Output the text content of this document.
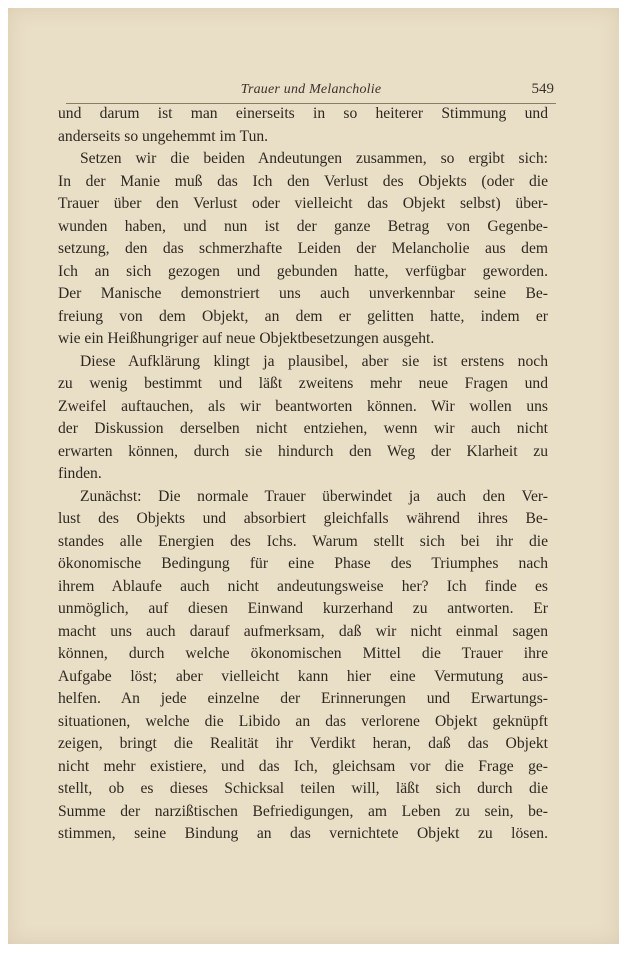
Trauer und Melancholie	549
und darum ist man einerseits in so heiterer Stimmung und
anderseits so ungehemmt im Tun.
Setzen wir die beiden Andeutungen zusammen, so ergibt sich:
In der Manie muß das Ich den Verlust des Objekts (oder die
Trauer über den Verlust oder vielleicht das Objekt selbst) über-
wunden haben, und nun ist der ganze Betrag von Gegenbe-
setzung, den das schmerzhafte Leiden der Melancholie aus dem
Ich an sich gezogen und gebunden hatte, verfügbar geworden.
Der Manische demonstriert uns auch unverkennbar seine Be-
freiung von dem Objekt, an dem er gelitten hatte, indem er
wie ein Heißhungriger auf neue Objektbesetzungen ausgeht.
Diese Aufklärung klingt ja plausibel, aber sie ist erstens noch
zu wenig bestimmt und läßt zweitens mehr neue Fragen und
Zweifel auftauchen, als wir beantworten können. Wir wollen uns
der Diskussion derselben nicht entziehen, wenn wir auch nicht
erwarten können, durch sie hindurch den Weg der Klarheit zu
finden.
Zunächst: Die normale Trauer überwindet ja auch den Ver-
lust des Objekts und absorbiert gleichfalls während ihres Be-
standes alle Energien des Ichs. Warum stellt sich bei ihr die
ökonomische Bedingung für eine Phase des Triumphes nach
ihrem Ablaufe auch nicht andeutungsweise her? Ich finde es
unmöglich, auf diesen Einwand kurzerhand zu antworten. Er
macht uns auch darauf aufmerksam, daß wir nicht einmal sagen
können, durch welche ökonomischen Mittel die Trauer ihre
Aufgabe löst; aber vielleicht kann hier eine Vermutung aus-
helfen. An jede einzelne der Erinnerungen und Erwartungs-
situationen, welche die Libido an das verlorene Objekt geknüpft
zeigen, bringt die Realität ihr Verdikt heran, daß das Objekt
nicht mehr existiere, und das Ich, gleichsam vor die Frage ge-
stellt, ob es dieses Schicksal teilen will, läßt sich durch die
Summe der narzißtischen Befriedigungen, am Leben zu sein, be-
stimmen, seine Bindung an das vernichtete Objekt zu lösen.
